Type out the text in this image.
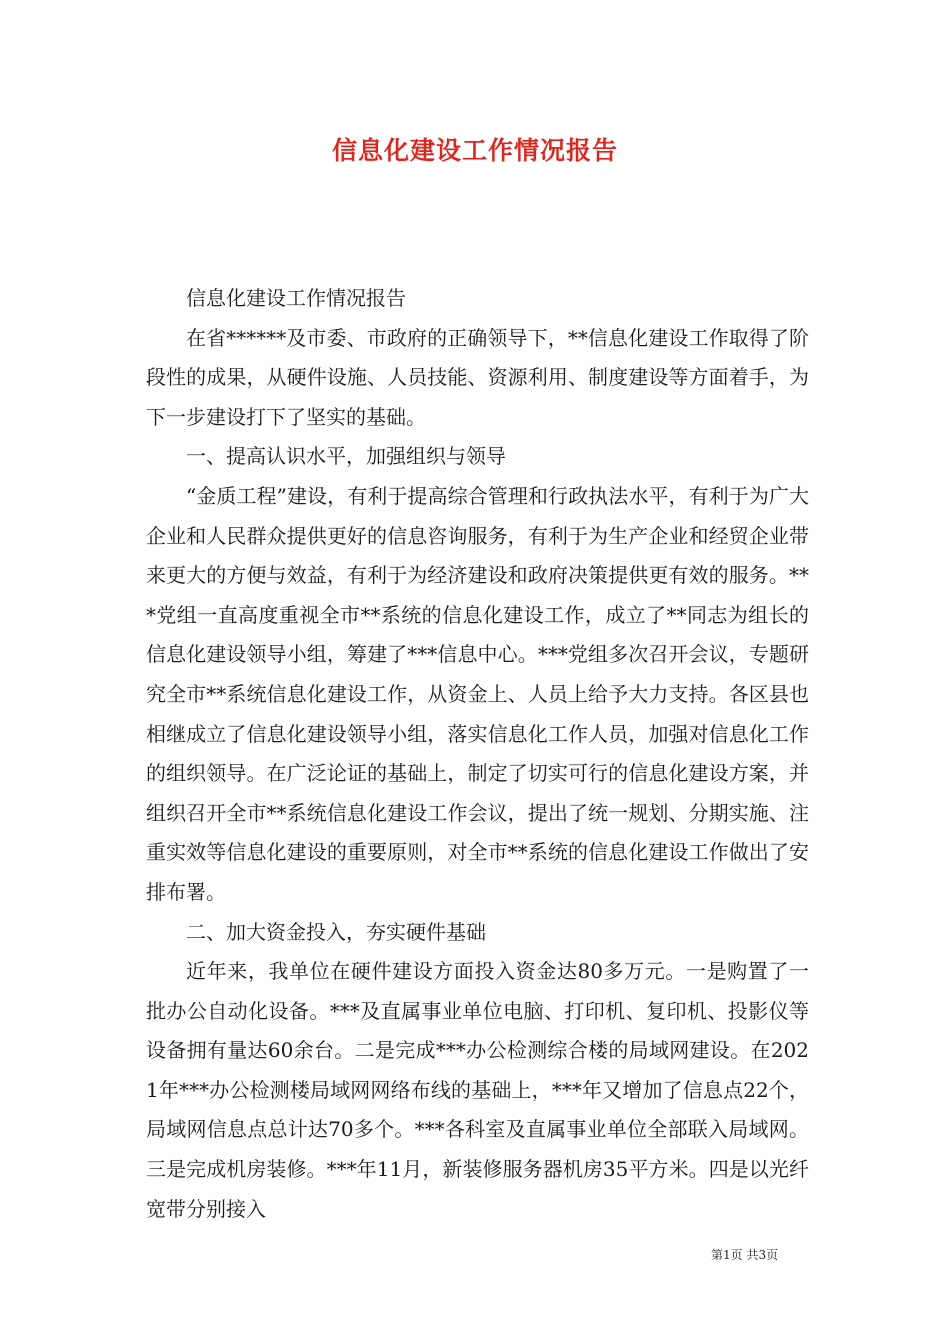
信息化建设工作情况报告

信息化建设工作情况报告

在省******及市委、市政府的正确领导下，**信息化建设工作取得了阶段性的成果，从硬件设施、人员技能、资源利用、制度建设等方面着手，为下一步建设打下了坚实的基础。

一、提高认识水平，加强组织与领导

“金质工程”建设，有利于提高综合管理和行政执法水平，有利于为广大企业和人民群众提供更好的信息咨询服务，有利于为生产企业和经贸企业带来更大的方便与效益，有利于为经济建设和政府决策提供更有效的服务。***党组一直高度重视全市**系统的信息化建设工作，成立了**同志为组长的信息化建设领导小组，筹建了***信息中心。***党组多次召开会议，专题研究全市**系统信息化建设工作，从资金上、人员上给予大力支持。各区县也相继成立了信息化建设领导小组，落实信息化工作人员，加强对信息化工作的组织领导。在广泛论证的基础上，制定了切实可行的信息化建设方案，并组织召开全市**系统信息化建设工作会议，提出了统一规划、分期实施、注重实效等信息化建设的重要原则，对全市**系统的信息化建设工作做出了安排布署。

二、加大资金投入，夯实硬件基础

近年来，我单位在硬件建设方面投入资金达80多万元。一是购置了一批办公自动化设备。***及直属事业单位电脑、打印机、复印机、投影仪等设备拥有量达60余台。二是完成***办公检测综合楼的局域网建设。在2021年***办公检测楼局域网网络布线的基础上，***年又增加了信息点22个，局域网信息点总计达70多个。***各科室及直属事业单位全部联入局域网。三是完成机房装修。***年11月，新装修服务器机房35平方米。四是以光纤宽带分别接入

第1页 共3页
